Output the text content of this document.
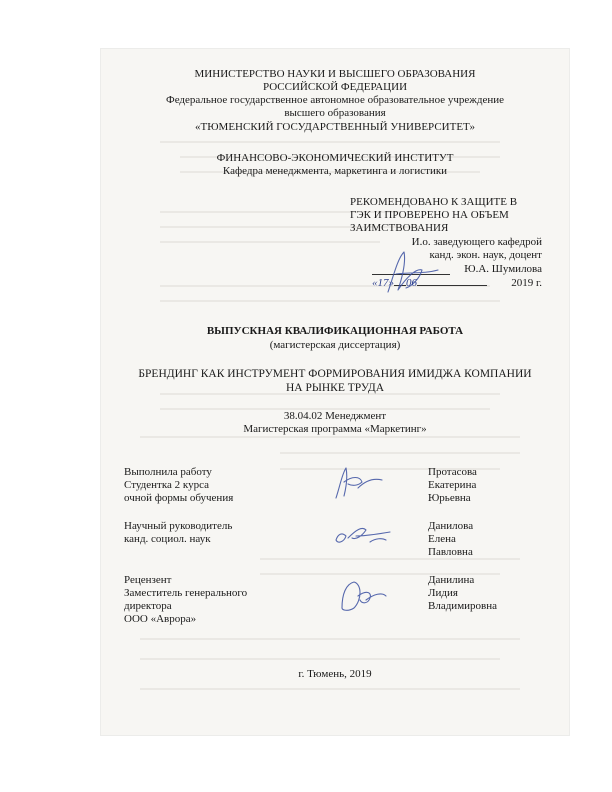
МИНИСТЕРСТВО НАУКИ И ВЫСШЕГО ОБРАЗОВАНИЯ
РОССИЙСКОЙ ФЕДЕРАЦИИ
Федеральное государственное автономное образовательное учреждение
высшего образования
«ТЮМЕНСКИЙ ГОСУДАРСТВЕННЫЙ УНИВЕРСИТЕТ»
ФИНАНСОВО-ЭКОНОМИЧЕСКИЙ ИНСТИТУТ
Кафедра менеджмента, маркетинга и логистики
РЕКОМЕНДОВАНО К ЗАЩИТЕ В
ГЭК И ПРОВЕРЕНО НА ОБЪЕМ
ЗАИМСТВОВАНИЯ
И.о. заведующего кафедрой
канд. экон. наук, доцент
Ю.А. Шумилова
«17» 06	2019 г.
ВЫПУСКНАЯ КВАЛИФИКАЦИОННАЯ РАБОТА
(магистерская диссертация)
БРЕНДИНГ КАК ИНСТРУМЕНТ ФОРМИРОВАНИЯ ИМИДЖА КОМПАНИИ
НА РЫНКЕ ТРУДА
38.04.02 Менеджмент
Магистерская программа «Маркетинг»
Выполнила работу
Студентка 2 курса
очной формы обучения
Протасова
Екатерина
Юрьевна
Научный руководитель
канд. социол. наук
Данилова
Елена
Павловна
Рецензент
Заместитель генерального
директора
ООО «Аврора»
Данилина
Лидия
Владимировна
г. Тюмень, 2019
